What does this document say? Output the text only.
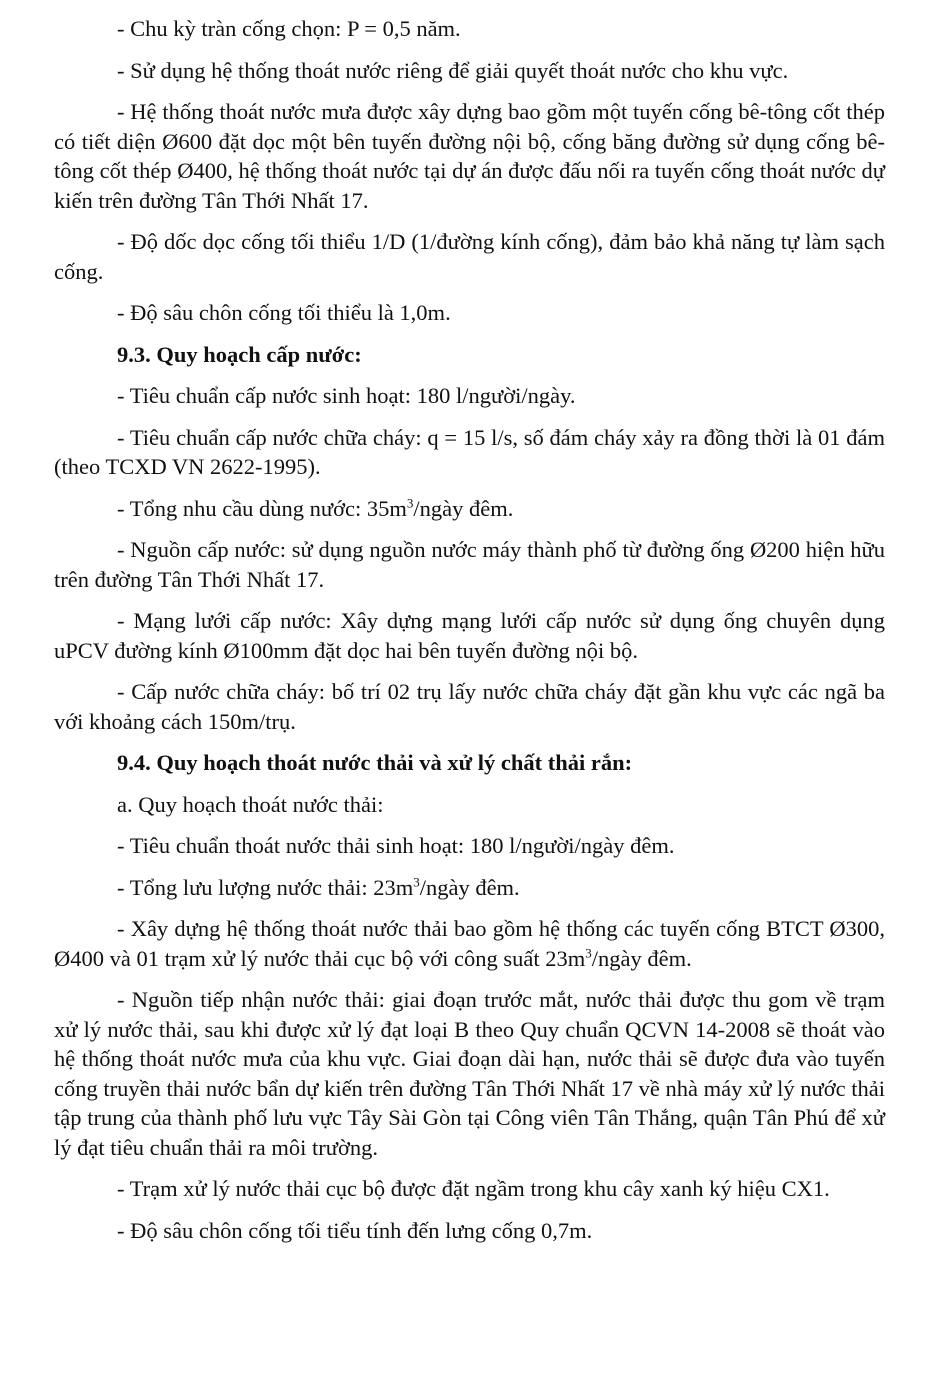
- Chu kỳ tràn cống chọn: P = 0,5 năm.

- Sử dụng hệ thống thoát nước riêng để giải quyết thoát nước cho khu vực.

- Hệ thống thoát nước mưa được xây dựng bao gồm một tuyến cống bê-tông cốt thép có tiết diện Ø600 đặt dọc một bên tuyến đường nội bộ, cống băng đường sử dụng cống bê-tông cốt thép Ø400, hệ thống thoát nước tại dự án được đấu nối ra tuyến cống thoát nước dự kiến trên đường Tân Thới Nhất 17.

- Độ dốc dọc cống tối thiểu 1/D (1/đường kính cống), đảm bảo khả năng tự làm sạch cống.

- Độ sâu chôn cống tối thiểu là 1,0m.

9.3. Quy hoạch cấp nước:

- Tiêu chuẩn cấp nước sinh hoạt: 180 l/người/ngày.

- Tiêu chuẩn cấp nước chữa cháy: q = 15 l/s, số đám cháy xảy ra đồng thời là 01 đám (theo TCXD VN 2622-1995).

- Tổng nhu cầu dùng nước: $35m^3$/ngày đêm.

- Nguồn cấp nước: sử dụng nguồn nước máy thành phố từ đường ống Ø200 hiện hữu trên đường Tân Thới Nhất 17.

- Mạng lưới cấp nước: Xây dựng mạng lưới cấp nước sử dụng ống chuyên dụng uPCV đường kính Ø100mm đặt dọc hai bên tuyến đường nội bộ.

- Cấp nước chữa cháy: bố trí 02 trụ lấy nước chữa cháy đặt gần khu vực các ngã ba với khoảng cách 150m/trụ.

9.4. Quy hoạch thoát nước thải và xử lý chất thải rắn:

a. Quy hoạch thoát nước thải:

- Tiêu chuẩn thoát nước thải sinh hoạt: 180 l/người/ngày đêm.

- Tổng lưu lượng nước thải: $23m^3$/ngày đêm.

- Xây dựng hệ thống thoát nước thải bao gồm hệ thống các tuyến cống BTCT Ø300, Ø400 và 01 trạm xử lý nước thải cục bộ với công suất $23m^3$/ngày đêm.

- Nguồn tiếp nhận nước thải: giai đoạn trước mắt, nước thải được thu gom về trạm xử lý nước thải, sau khi được xử lý đạt loại B theo Quy chuẩn QCVN 14-2008 sẽ thoát vào hệ thống thoát nước mưa của khu vực. Giai đoạn dài hạn, nước thải sẽ được đưa vào tuyến cống truyền thải nước bẩn dự kiến trên đường Tân Thới Nhất 17 về nhà máy xử lý nước thải tập trung của thành phố lưu vực Tây Sài Gòn tại Công viên Tân Thắng, quận Tân Phú để xử lý đạt tiêu chuẩn thải ra môi trường.

- Trạm xử lý nước thải cục bộ được đặt ngầm trong khu cây xanh ký hiệu CX1.

- Độ sâu chôn cống tối tiểu tính đến lưng cống 0,7m.
